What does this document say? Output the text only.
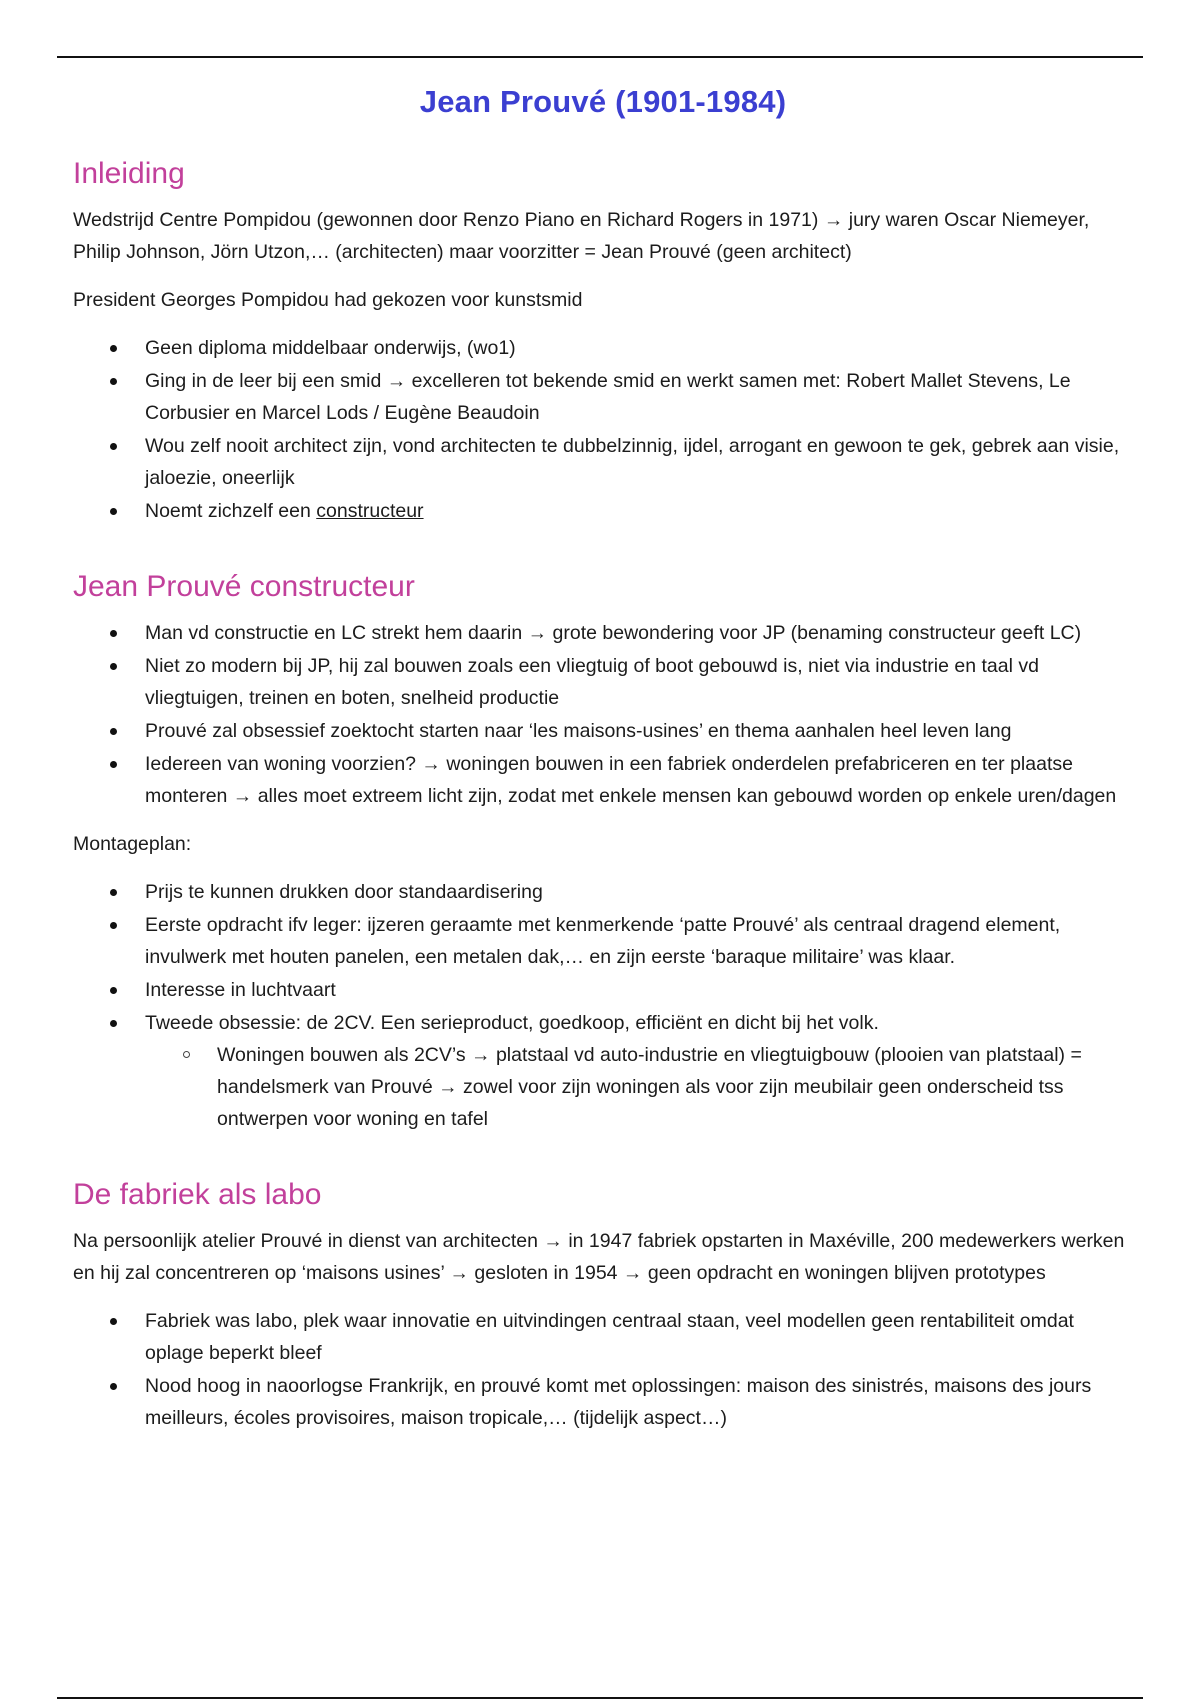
Jean Prouvé (1901-1984)
Inleiding

Wedstrijd Centre Pompidou (gewonnen door Renzo Piano en Richard Rogers in 1971) → jury waren Oscar Niemeyer, Philip Johnson, Jörn Utzon,… (architecten) maar voorzitter = Jean Prouvé (geen architect)

President Georges Pompidou had gekozen voor kunstsmid

Geen diploma middelbaar onderwijs, (wo1)
Ging in de leer bij een smid → excelleren tot bekende smid en werkt samen met: Robert Mallet Stevens, Le Corbusier en Marcel Lods / Eugène Beaudoin
Wou zelf nooit architect zijn, vond architecten te dubbelzinnig, ijdel, arrogant en gewoon te gek, gebrek aan visie, jaloezie, oneerlijk
Noemt zichzelf een constructeur
Jean Prouvé constructeur
Man vd constructie en LC strekt hem daarin → grote bewondering voor JP (benaming constructeur geeft LC)
Niet zo modern bij JP, hij zal bouwen zoals een vliegtuig of boot gebouwd is, niet via industrie en taal vd vliegtuigen, treinen en boten, snelheid productie
Prouvé zal obsessief zoektocht starten naar ‘les maisons-usines’ en thema aanhalen heel leven lang
Iedereen van woning voorzien? → woningen bouwen in een fabriek onderdelen prefabriceren en ter plaatse monteren → alles moet extreem licht zijn, zodat met enkele mensen kan gebouwd worden op enkele uren/dagen

Montageplan:

Prijs te kunnen drukken door standaardisering
Eerste opdracht ifv leger: ijzeren geraamte met kenmerkende ‘patte Prouvé’ als centraal dragend element, invulwerk met houten panelen, een metalen dak,… en zijn eerste ‘baraque militaire’ was klaar.
Interesse in luchtvaart
Tweede obsessie: de 2CV. Een serieproduct, goedkoop, efficiënt en dicht bij het volk.
Woningen bouwen als 2CV’s → platstaal vd auto-industrie en vliegtuigbouw (plooien van platstaal) = handelsmerk van Prouvé → zowel voor zijn woningen als voor zijn meubilair geen onderscheid tss ontwerpen voor woning en tafel
De fabriek als labo

Na persoonlijk atelier Prouvé in dienst van architecten → in 1947 fabriek opstarten in Maxéville, 200 medewerkers werken en hij zal concentreren op ‘maisons usines’ → gesloten in 1954 → geen opdracht en woningen blijven prototypes

Fabriek was labo, plek waar innovatie en uitvindingen centraal staan, veel modellen geen rentabiliteit omdat oplage beperkt bleef
Nood hoog in naoorlogse Frankrijk, en prouvé komt met oplossingen: maison des sinistrés, maisons des jours meilleurs, écoles provisoires, maison tropicale,… (tijdelijk aspect…)
